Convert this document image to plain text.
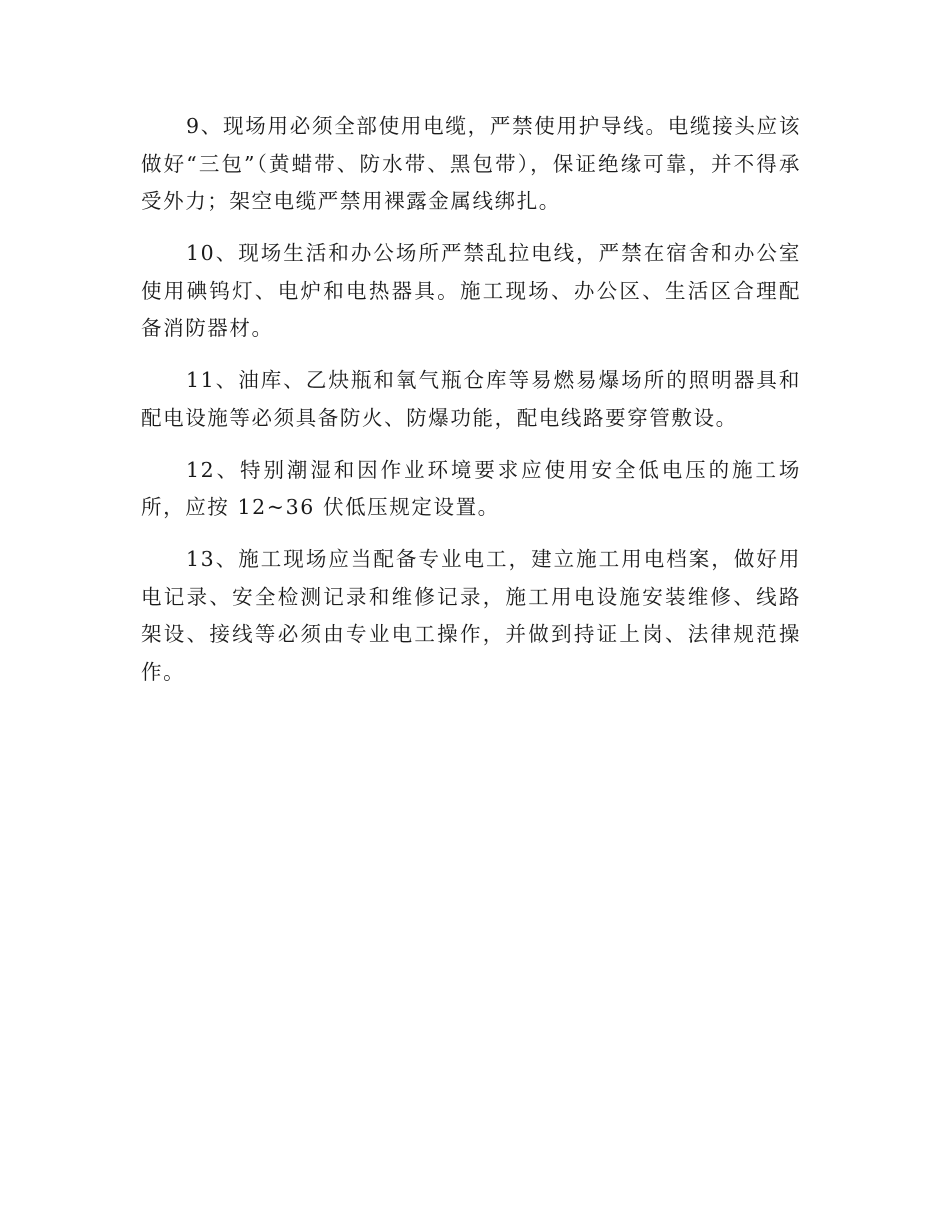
9、现场用必须全部使用电缆，严禁使用护导线。电缆接头应该做好“三包”（黄蜡带、防水带、黑包带），保证绝缘可靠，并不得承受外力；架空电缆严禁用裸露金属线绑扎。

10、现场生活和办公场所严禁乱拉电线，严禁在宿舍和办公室使用碘钨灯、电炉和电热器具。施工现场、办公区、生活区合理配备消防器材。

11、油库、乙炔瓶和氧气瓶仓库等易燃易爆场所的照明器具和配电设施等必须具备防火、防爆功能，配电线路要穿管敷设。

12、特别潮湿和因作业环境要求应使用安全低电压的施工场所，应按 12~36 伏低压规定设置。

13、施工现场应当配备专业电工，建立施工用电档案，做好用电记录、安全检测记录和维修记录，施工用电设施安装维修、线路架设、接线等必须由专业电工操作，并做到持证上岗、法律规范操作。
